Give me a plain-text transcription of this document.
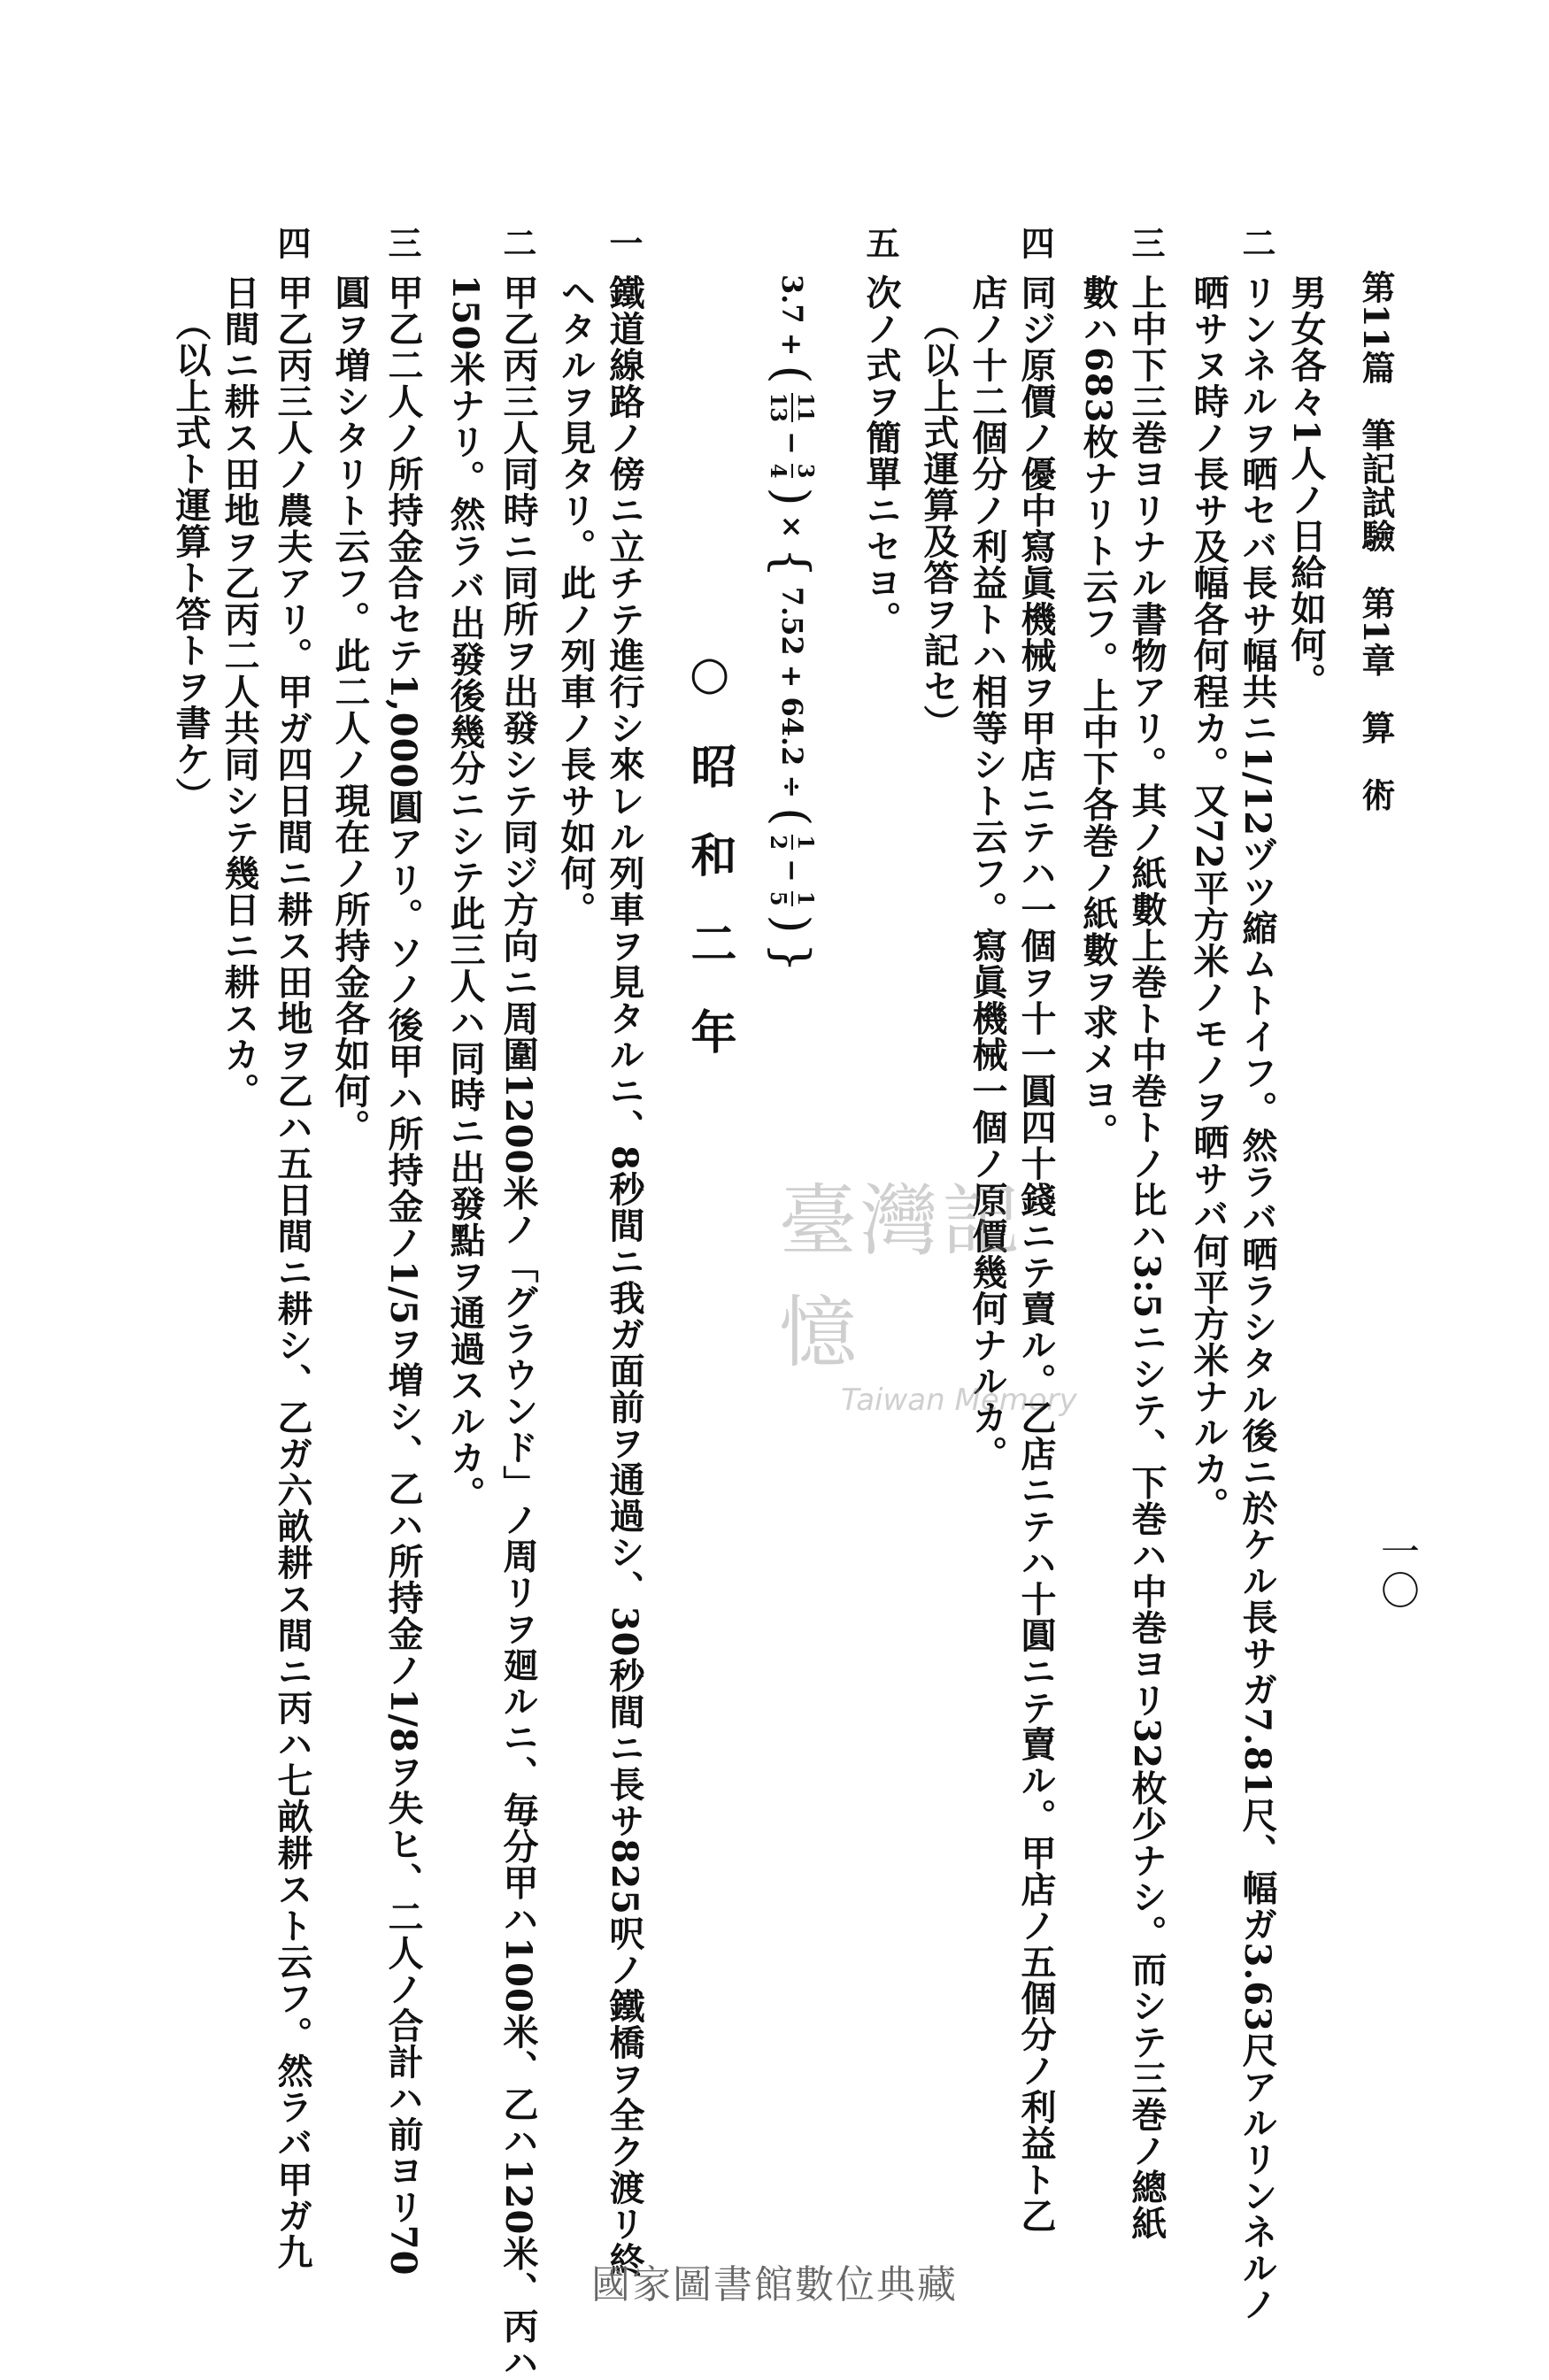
一〇
第11篇　筆記試驗　第1章　算　術
男女各々1人ノ日給如何。
二
リンネルヲ晒セバ長サ幅共ニ1/12ヅツ縮ムトイフ。然ラバ晒ラシタル後ニ於ケル長サガ7.81尺、幅ガ3.63尺アルリンネルノ
晒サヌ時ノ長サ及幅各何程カ。又72平方米ノモノヲ晒サバ何平方米ナルカ。
三
上中下三巻ヨリナル書物アリ。其ノ紙數上巻ト中巻トノ比ハ3:5ニシテ、下巻ハ中巻ヨリ32枚少ナシ。而シテ三巻ノ總紙
數ハ683枚ナリト云フ。上中下各巻ノ紙數ヲ求メヨ。
四
同ジ原價ノ優中寫眞機械ヲ甲店ニテハ一個ヲ十一圓四十錢ニテ賣ル。乙店ニテハ十圓ニテ賣ル。甲店ノ五個分ノ利益ト乙
店ノ十二個分ノ利益トハ相等シト云フ。寫眞機械一個ノ原價幾何ナルカ。
（以上式運算及答ヲ記セ）
五
次ノ式ヲ簡單ニセヨ。
3.7
+
(
11
13
−
3
4
)
×
{
7.52
+
64.2
÷
(
1
2
−
1
5
)
}
○昭和二年
一
鐵道線路ノ傍ニ立チテ進行シ來レル列車ヲ見タルニ、8秒間ニ我ガ面前ヲ通過シ、30秒間ニ長サ825呎ノ鐵橋ヲ全ク渡リ終
ヘタルヲ見タリ。此ノ列車ノ長サ如何。
二
甲乙丙三人同時ニ同所ヲ出發シテ同ジ方向ニ周圍1200米ノ「グラウンド」ノ周リヲ廻ルニ、毎分甲ハ100米、乙ハ120米、丙ハ
150米ナリ。然ラバ出發後幾分ニシテ此三人ハ同時ニ出發點ヲ通過スルカ。
三
甲乙二人ノ所持金合セテ1,000圓アリ。ソノ後甲ハ所持金ノ1/5ヲ増シ、乙ハ所持金ノ1/8ヲ失ヒ、二人ノ合計ハ前ヨリ70
圓ヲ増シタリト云フ。此二人ノ現在ノ所持金各如何。
四
甲乙丙三人ノ農夫アリ。甲ガ四日間ニ耕ス田地ヲ乙ハ五日間ニ耕シ、乙ガ六畝耕ス間ニ丙ハ七畝耕スト云フ。然ラバ甲ガ九
日間ニ耕ス田地ヲ乙丙二人共同シテ幾日ニ耕スカ。
（以上式ト運算ト答トヲ書ケ）
臺灣記憶
Taiwan Memory
國家圖書館數位典藏
